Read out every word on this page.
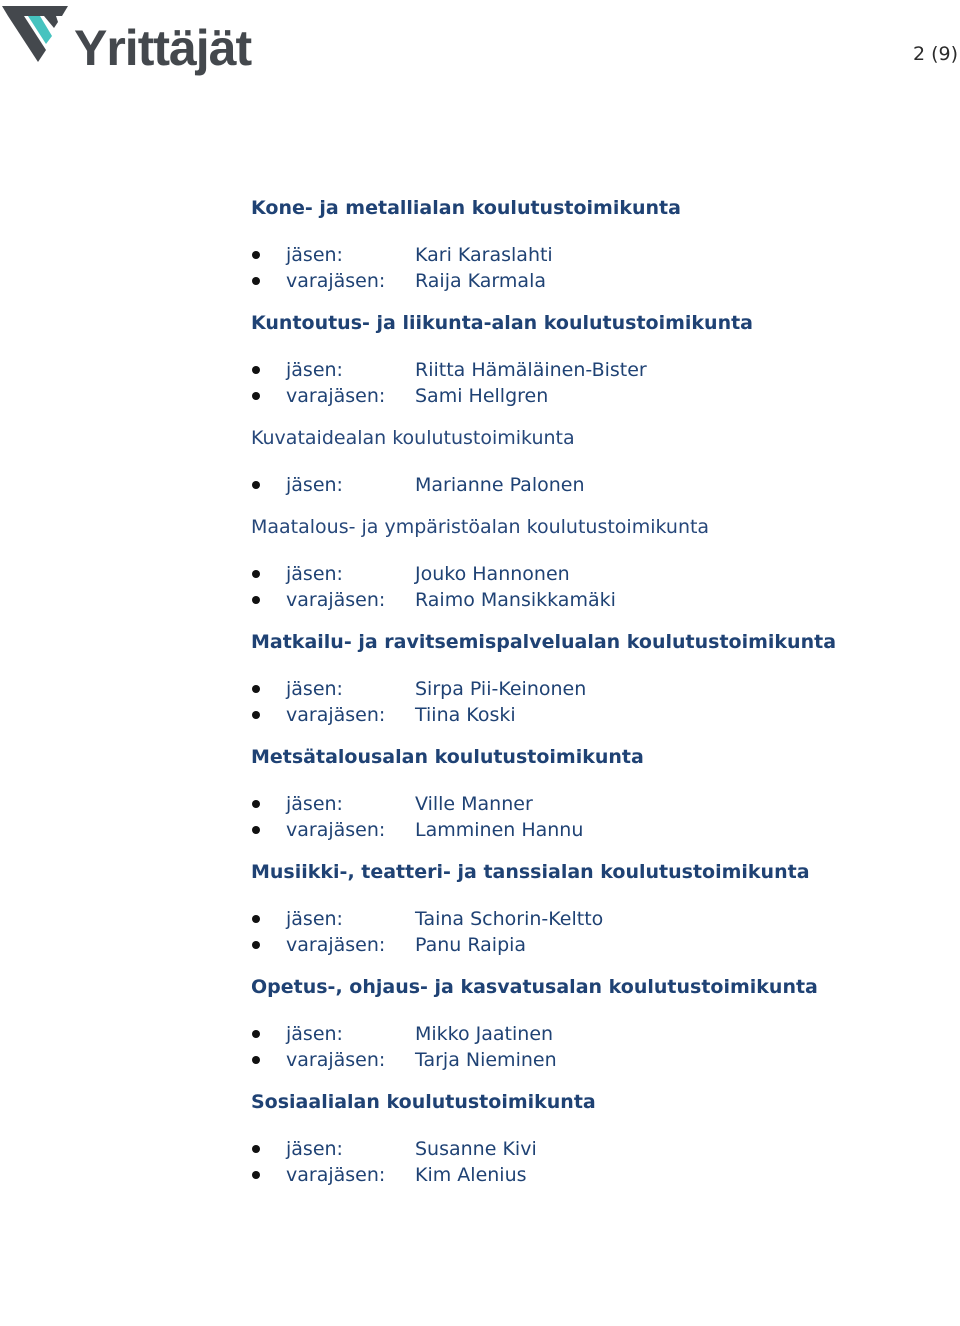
Yrittäjät	2 (9)
Kone- ja metallialan koulutustoimikunta
jäsen:	Kari Karaslahti
varajäsen: Raija Karmala
Kuntoutus- ja liikunta-alan koulutustoimikunta
jäsen:	Riitta Hämäläinen-Bister
varajäsen: Sami Hellgren
Kuvataidealan koulutustoimikunta
jäsen:	Marianne Palonen
Maatalous- ja ympäristöalan koulutustoimikunta
jäsen:	Jouko Hannonen
varajäsen: Raimo Mansikkamäki
Matkailu- ja ravitsemispalvelualan koulutustoimikunta
jäsen:	Sirpa Pii-Keinonen
varajäsen: Tiina Koski
Metsätalousalan koulutustoimikunta
jäsen:	Ville Manner
varajäsen: Lamminen Hannu
Musiikki-, teatteri- ja tanssialan koulutustoimikunta
jäsen:	Taina Schorin-Keltto
varajäsen: Panu Raipia
Opetus-, ohjaus- ja kasvatusalan koulutustoimikunta
jäsen:	Mikko Jaatinen
varajäsen: Tarja Nieminen
Sosiaalialan koulutustoimikunta
jäsen:	Susanne Kivi
varajäsen: Kim Alenius
